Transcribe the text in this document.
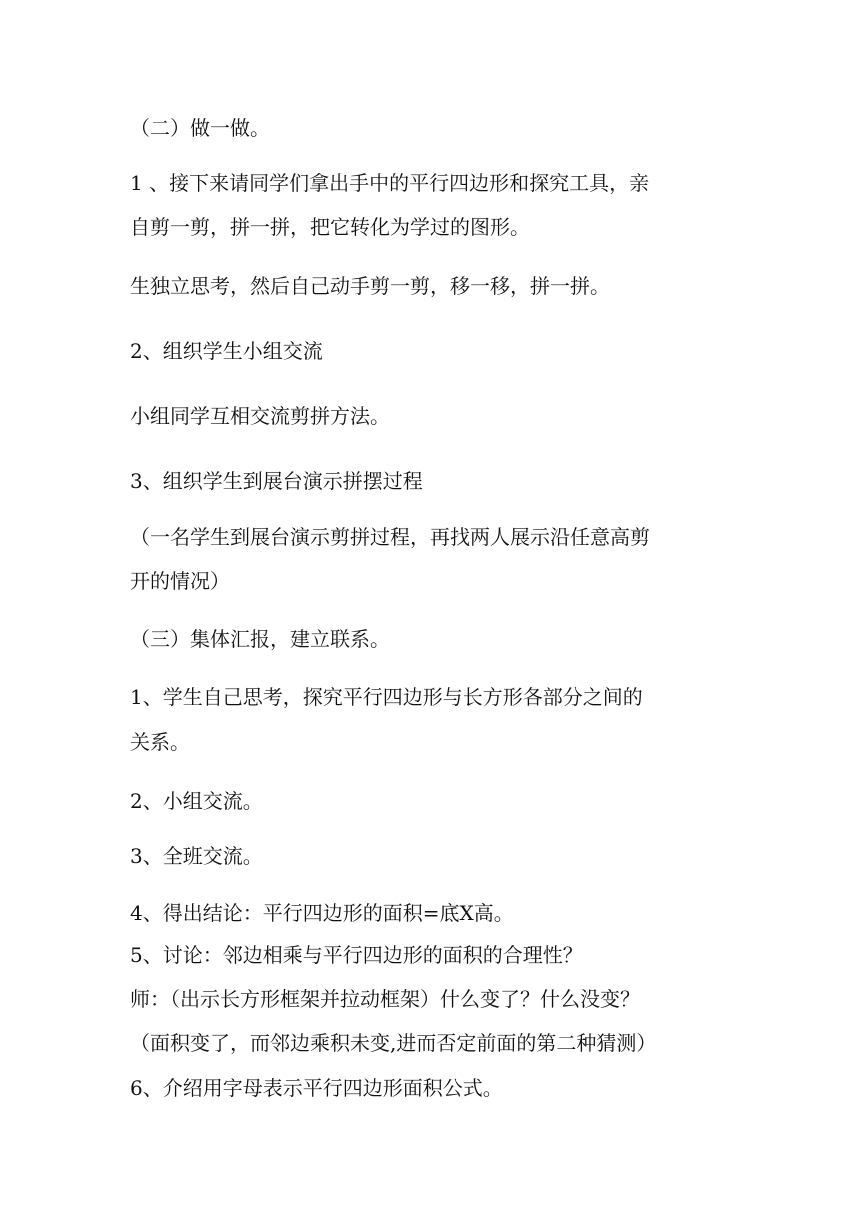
（二）做一做。
1 、接下来请同学们拿出手中的平行四边形和探究工具，亲
自剪一剪，拼一拼，把它转化为学过的图形。
生独立思考，然后自己动手剪一剪，移一移，拼一拼。
2、组织学生小组交流
小组同学互相交流剪拼方法。
3、组织学生到展台演示拼摆过程
（一名学生到展台演示剪拼过程，再找两人展示沿任意高剪
开的情况）
（三）集体汇报，建立联系。
1、学生自己思考，探究平行四边形与长方形各部分之间的
关系。
2、小组交流。
3、全班交流。
4、得出结论：平行四边形的面积=底Ⅹ高。
5、讨论：邻边相乘与平行四边形的面积的合理性？
师：（出示长方形框架并拉动框架）什么变了？什么没变？
（面积变了，而邻边乘积未变,进而否定前面的第二种猜测）
6、介绍用字母表示平行四边形面积公式。
